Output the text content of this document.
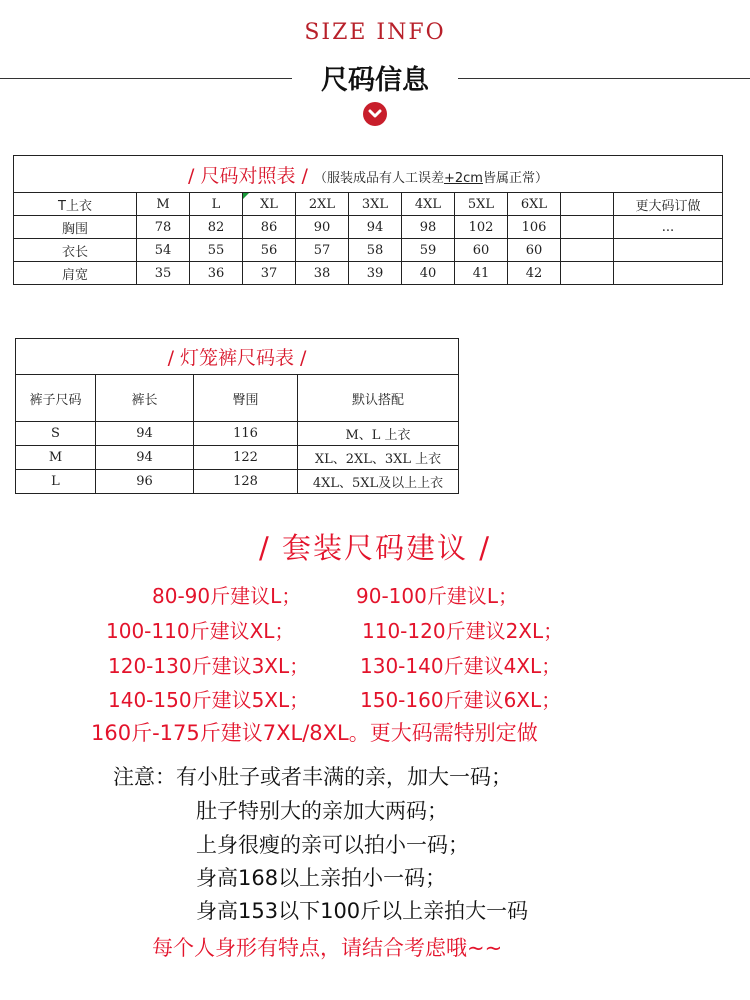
SIZE INFO
尺码信息
/ 尺码对照表 / （服装成品有人工误差+2cm皆属正常）										
T上衣	M	L	XL	2XL	3XL	4XL	5XL	6XL		更大码订做
胸围	78	82	86	90	94	98	102	106		...
衣长	54	55	56	57	58	59	60	60		
肩宽	35	36	37	38	39	40	41	42		
/ 灯笼裤尺码表 /			
裤子尺码	裤长	臀围	默认搭配
S	94	116	M、L 上衣
M	94	122	XL、2XL、3XL 上衣
L	96	128	4XL、5XL及以上上衣
/ 套装尺码建议 /
80-90斤建议L；	90-100斤建议L；
100-110斤建议XL；	110-120斤建议2XL；
120-130斤建议3XL；	130-140斤建议4XL；
140-150斤建议5XL；	150-160斤建议6XL；
160斤-175斤建议7XL/8XL。更大码需特别定做
注意：有小肚子或者丰满的亲，加大一码；
肚子特别大的亲加大两码；
上身很瘦的亲可以拍小一码；
身高168以上亲拍小一码；
身高153以下100斤以上亲拍大一码
每个人身形有特点，请结合考虑哦~~
